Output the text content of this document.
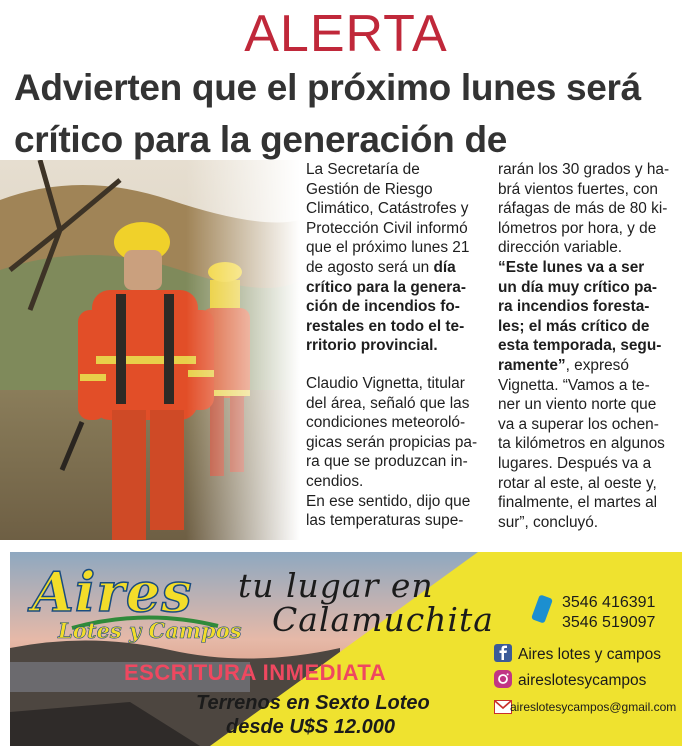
ALERTA
Advierten que el próximo lunes será
crítico para la generación de

La Secretaría de
Gestión de Riesgo
Climático, Catástrofes y
Protección Civil informó
que el próximo lunes 21
de agosto será un día
crítico para la genera-
ción de incendios fo-
restales en todo el te-
rritorio provincial.

Claudio Vignetta, titular
del área, señaló que las
condiciones meteoroló-
gicas serán propicias pa-
ra que se produzcan in-
cendios.
En ese sentido, dijo que
las temperaturas supe-

rarán los 30 grados y ha-
brá vientos fuertes, con
ráfagas de más de 80 ki-
lómetros por hora, y de
dirección variable.
“Este lunes va a ser
un día muy crítico pa-
ra incendios foresta-
les; el más crítico de
esta temporada, segu-
ramente”, expresó
Vignetta. “Vamos a te-
ner un viento norte que
va a superar los ochen-
ta kilómetros en algunos
lugares. Después va a
rotar al este, al oeste y,
finalmente, el martes al
sur”, concluyó.

Aires
Lotes y Campos
tu lugar en
Calamuchita	3546 416391
3546 519097
ESCRITURA INMEDIATA
Aires lotes y campos
aireslotesycampos
aireslotesycampos@gmail.com
Terrenos en Sexto Loteo
desde U$S 12.000
